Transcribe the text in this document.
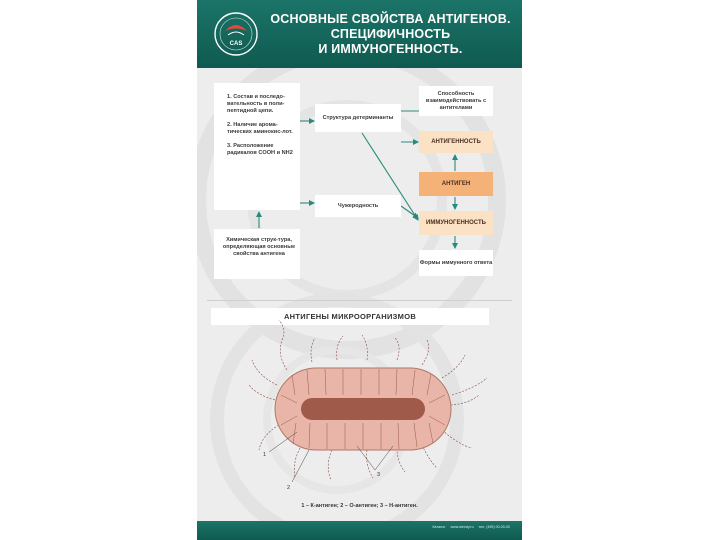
CAS
ОСНОВНЫЕ СВОЙСТВА АНТИГЕНОВ.
СПЕЦИФИЧНОСТЬ
И ИММУНОГЕННОСТЬ.

1. Состав и последо-вательность в поли-пептидной цепи.

2. Наличие арома-тических аминокис-лот.

3. Расположение радикалов COOH и NH2

Химическая струк-тура, определяющая основные свойства антигена
Структура детерминанты
Чужеродность
Способность взаимодействовать с антителами
Формы иммунного ответа
АНТИГЕННОСТЬ
АНТИГЕН
ИММУНОГЕННОСТЬ
АНТИГЕНЫ МИКРООРГАНИЗМОВ
1
2
3
1 – К-антиген; 2 – О-антиген; 3 – Н-антиген.
Каталог www.stendy.ru тел. (495) 00-00-00
